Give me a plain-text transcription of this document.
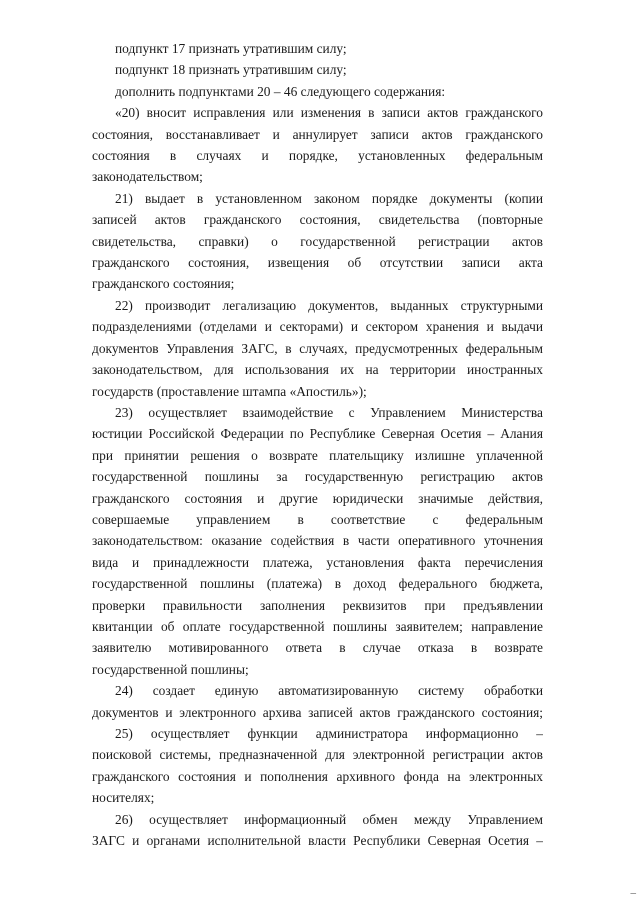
подпункт 17 признать утратившим силу;
подпункт 18 признать утратившим силу;
дополнить подпунктами 20 – 46 следующего содержания:
«20) вносит исправления или изменения в записи актов гражданского
состояния, восстанавливает и аннулирует записи актов гражданского
состояния в случаях и порядке, установленных федеральным
законодательством;
21) выдает в установленном законом порядке документы (копии
записей актов гражданского состояния, свидетельства (повторные
свидетельства, справки) о государственной регистрации актов
гражданского состояния, извещения об отсутствии записи акта
гражданского состояния;
22) производит легализацию документов, выданных структурными
подразделениями (отделами и секторами) и сектором хранения и выдачи
документов Управления ЗАГС, в случаях, предусмотренных федеральным
законодательством, для использования их на территории иностранных
государств (проставление штампа «Апостиль»);
23) осуществляет взаимодействие с Управлением Министерства
юстиции Российской Федерации по Республике Северная Осетия – Алания
при принятии решения о возврате плательщику излишне уплаченной
государственной пошлины за государственную регистрацию актов
гражданского состояния и другие юридически значимые действия,
совершаемые управлением в соответствие с федеральным
законодательством: оказание содействия в части оперативного уточнения
вида и принадлежности платежа, установления факта перечисления
государственной пошлины (платежа) в доход федерального бюджета,
проверки правильности заполнения реквизитов при предъявлении
квитанции об оплате государственной пошлины заявителем; направление
заявителю мотивированного ответа в случае отказа в возврате
государственной пошлины;
24) создает единую автоматизированную систему обработки
документов и электронного архива записей актов гражданского состояния;
25) осуществляет функции администратора информационно –
поисковой системы, предназначенной для электронной регистрации актов
гражданского состояния и пополнения архивного фонда на электронных
носителях;
26) осуществляет информационный обмен между Управлением
ЗАГС и органами исполнительной власти Республики Северная Осетия –
_
